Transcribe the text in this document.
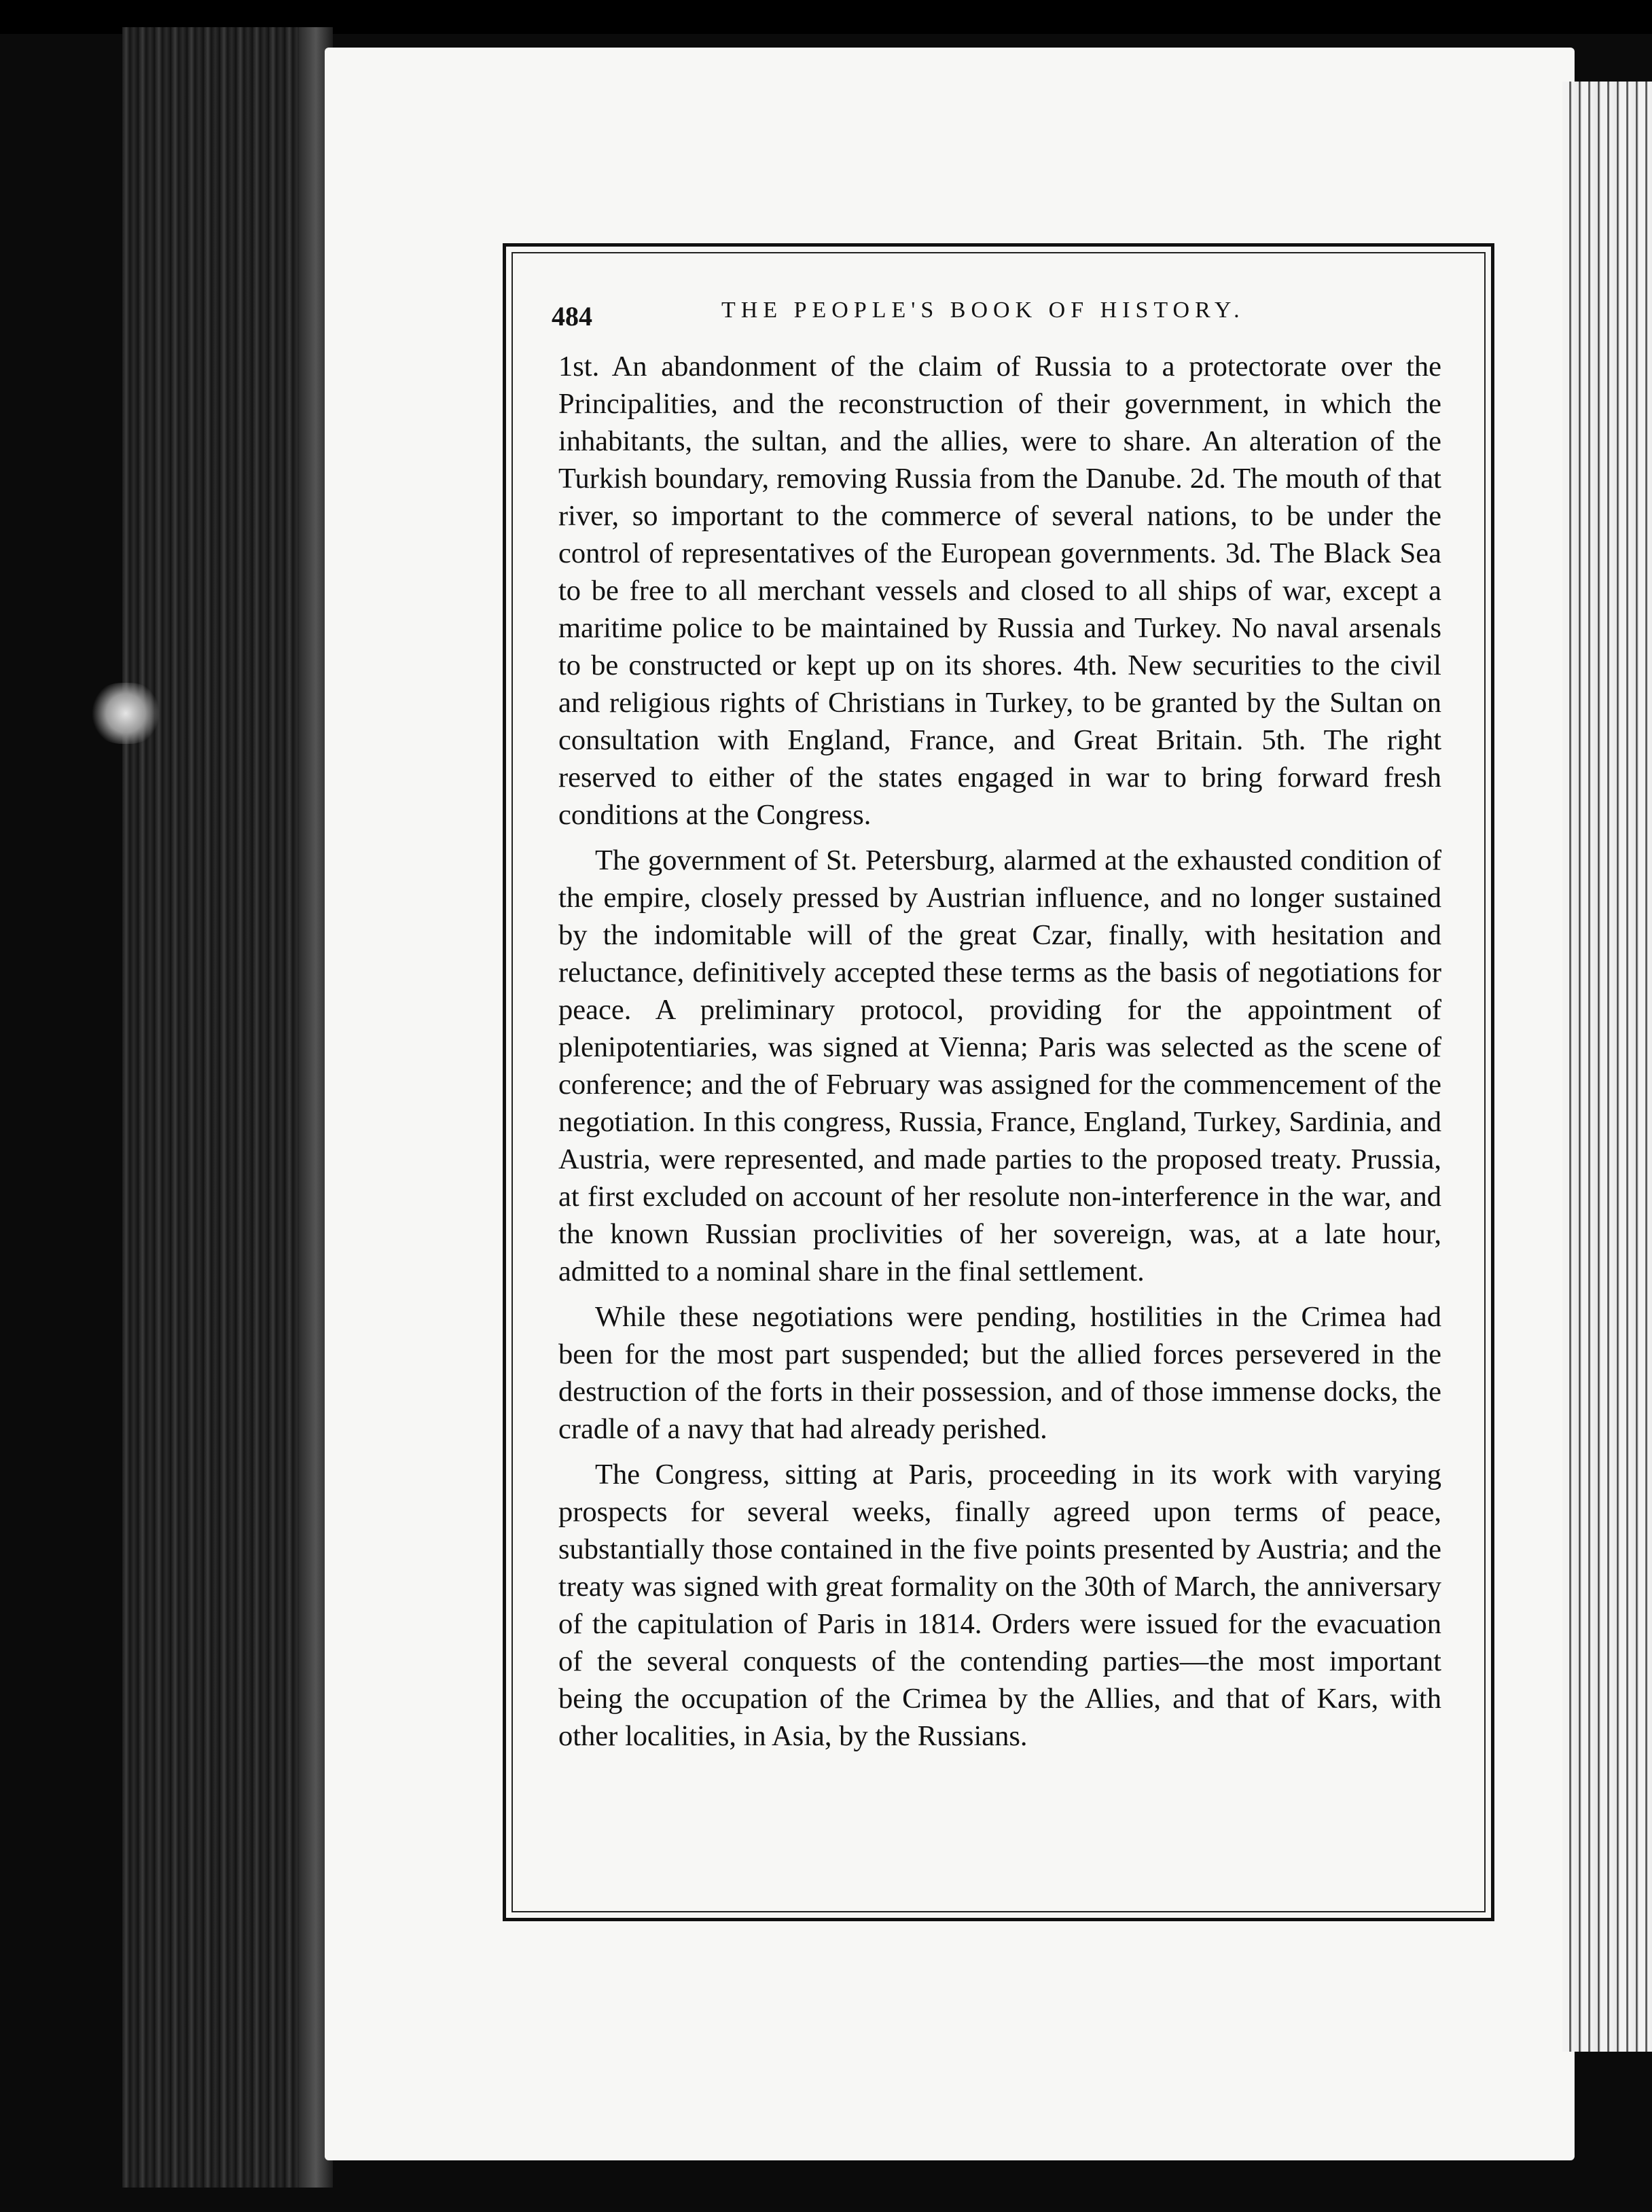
484	THE PEOPLE'S BOOK OF HISTORY.

1st. An abandonment of the claim of Russia to a protectorate over the Principalities, and the reconstruction of their government, in which the inhabitants, the sultan, and the allies, were to share. An alteration of the Turkish boundary, removing Russia from the Danube. 2d. The mouth of that river, so important to the commerce of several nations, to be under the control of representatives of the European governments. 3d. The Black Sea to be free to all merchant vessels and closed to all ships of war, except a maritime police to be maintained by Russia and Turkey. No naval arsenals to be constructed or kept up on its shores. 4th. New securities to the civil and religious rights of Christians in Turkey, to be granted by the Sultan on consultation with England, France, and Great Britain. 5th. The right reserved to either of the states engaged in war to bring forward fresh conditions at the Congress.

The government of St. Petersburg, alarmed at the exhausted condition of the empire, closely pressed by Austrian influence, and no longer sustained by the indomitable will of the great Czar, finally, with hesitation and reluctance, definitively accepted these terms as the basis of negotiations for peace. A preliminary protocol, providing for the appointment of plenipotentiaries, was signed at Vienna; Paris was selected as the scene of conference; and the of February was assigned for the commencement of the negotiation. In this congress, Russia, France, England, Turkey, Sardinia, and Austria, were represented, and made parties to the proposed treaty. Prussia, at first excluded on account of her resolute non-interference in the war, and the known Russian proclivities of her sovereign, was, at a late hour, admitted to a nominal share in the final settlement.

While these negotiations were pending, hostilities in the Crimea had been for the most part suspended; but the allied forces persevered in the destruction of the forts in their possession, and of those immense docks, the cradle of a navy that had already perished.

The Congress, sitting at Paris, proceeding in its work with varying prospects for several weeks, finally agreed upon terms of peace, substantially those contained in the five points presented by Austria; and the treaty was signed with great formality on the 30th of March, the anniversary of the capitulation of Paris in 1814. Orders were issued for the evacuation of the several conquests of the contending parties—the most important being the occupation of the Crimea by the Allies, and that of Kars, with other localities, in Asia, by the Russians.
